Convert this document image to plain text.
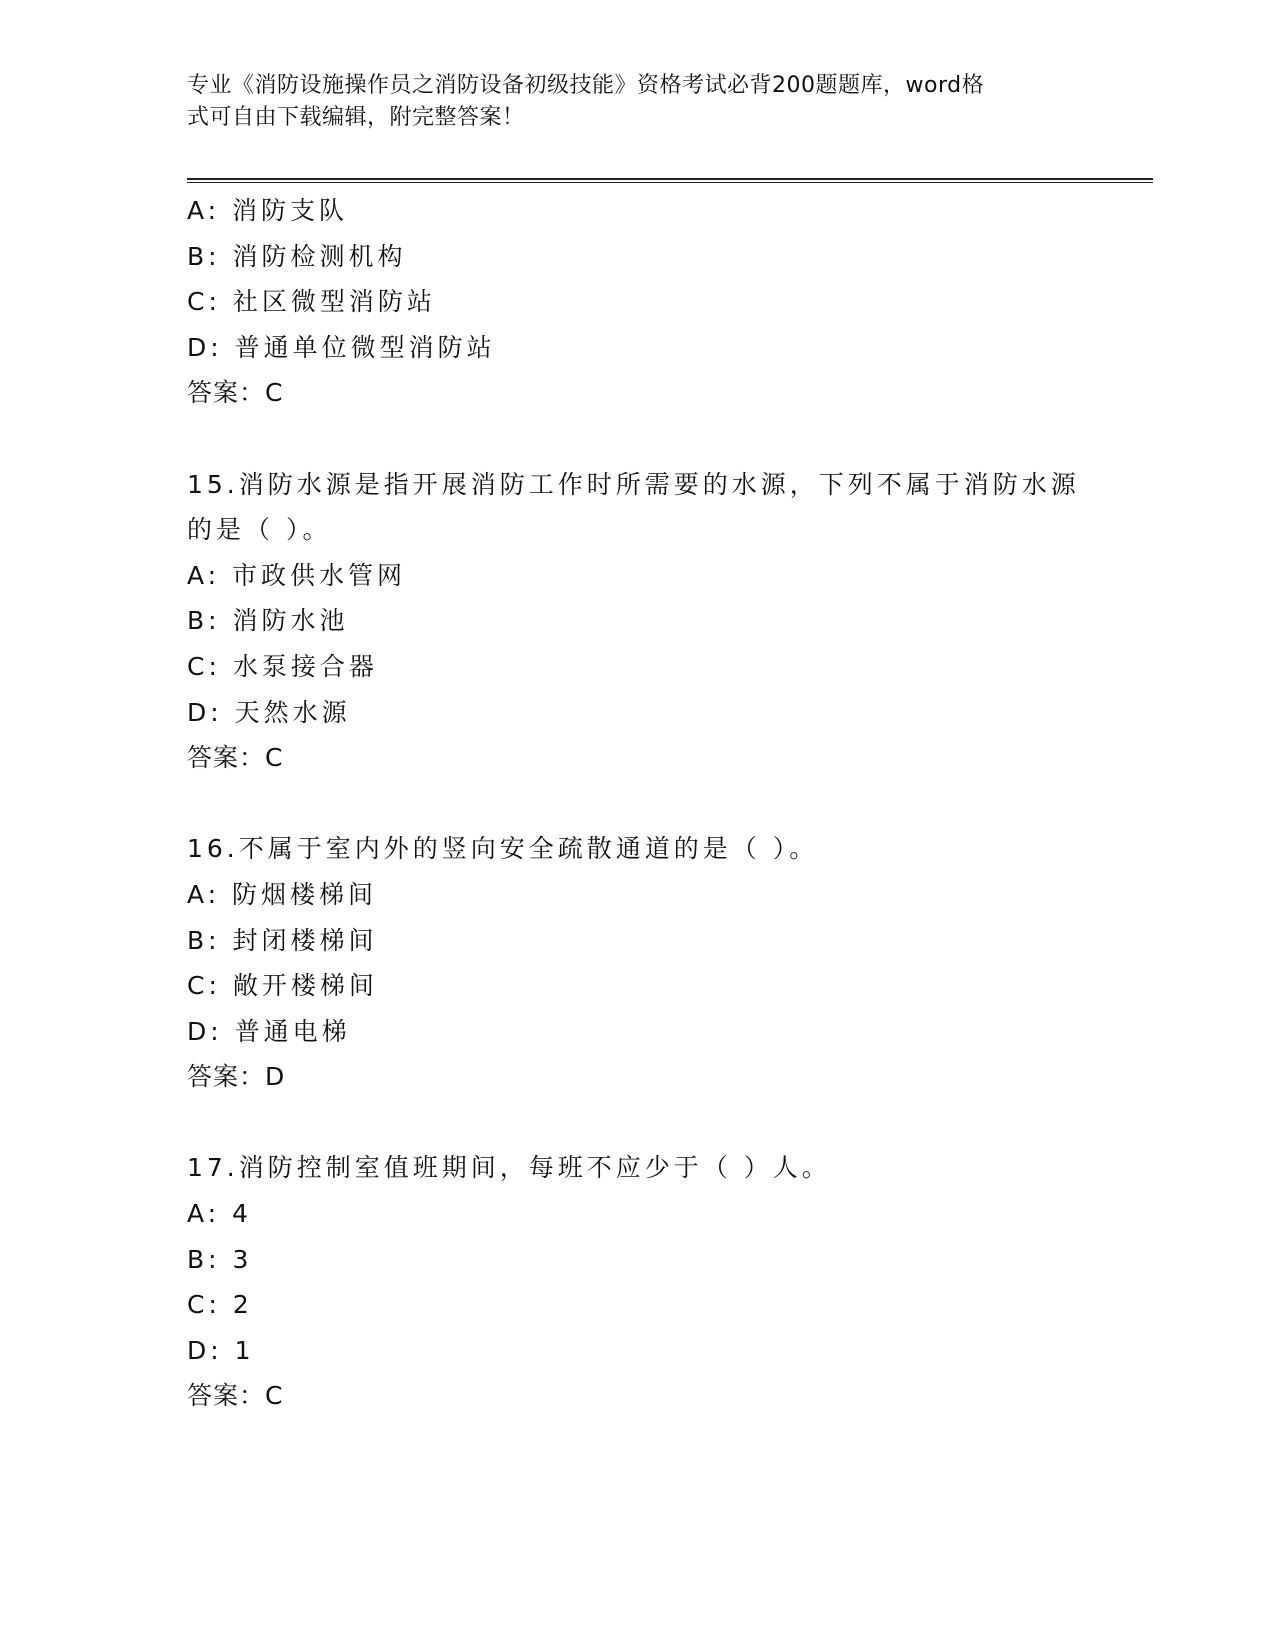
专业《消防设施操作员之消防设备初级技能》资格考试必背200题题库，word格
式可自由下载编辑，附完整答案！
A: 消防支队
B: 消防检测机构
C: 社区微型消防站
D: 普通单位微型消防站
答案：C
15.消防水源是指开展消防工作时所需要的水源，下列不属于消防水源
的是（ ）。
A: 市政供水管网
B: 消防水池
C: 水泵接合器
D: 天然水源
答案：C
16.不属于室内外的竖向安全疏散通道的是（ ）。
A: 防烟楼梯间
B: 封闭楼梯间
C: 敞开楼梯间
D: 普通电梯
答案：D
17.消防控制室值班期间，每班不应少于（ ）人。
A: 4
B: 3
C: 2
D: 1
答案：C
